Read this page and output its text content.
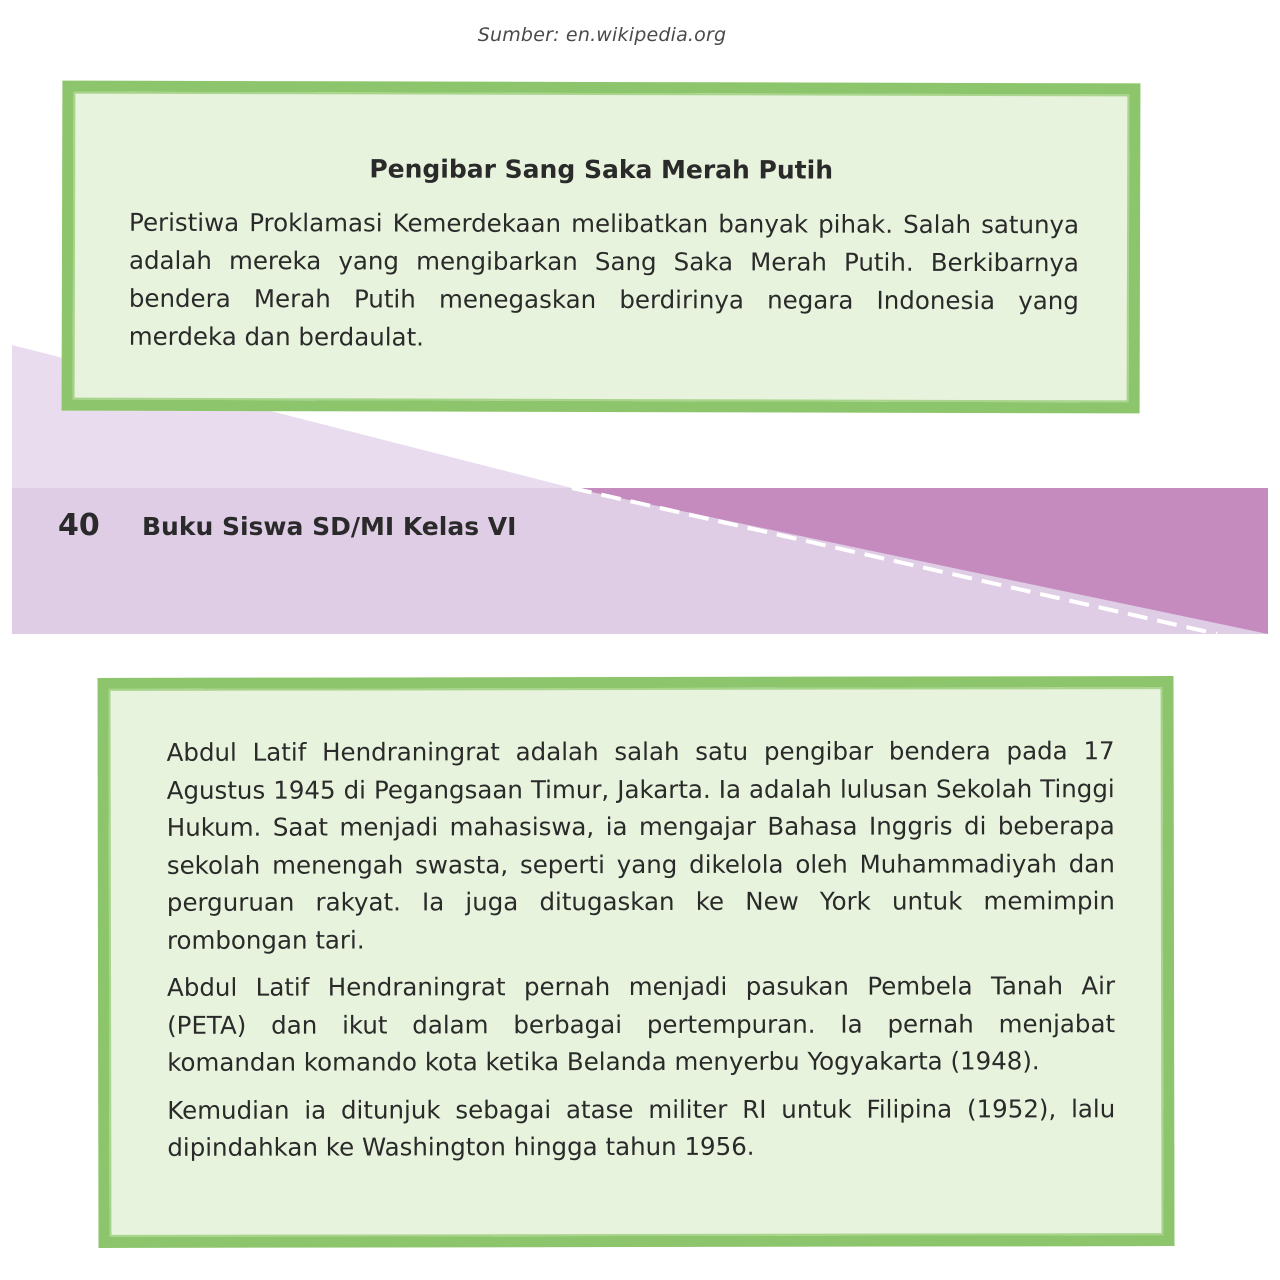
Sumber: en.wikipedia.org
40 Buku Siswa SD/MI Kelas VI
Pengibar Sang Saka Merah Putih
Peristiwa Proklamasi Kemerdekaan melibatkan banyak pihak. Salah satunya adalah mereka yang mengibarkan Sang Saka Merah Putih. Berkibarnya bendera Merah Putih menegaskan berdirinya negara Indonesia yang merdeka dan berdaulat.

Abdul Latif Hendraningrat adalah salah satu pengibar bendera pada 17 Agustus 1945 di Pegangsaan Timur, Jakarta. Ia adalah lulusan Sekolah Tinggi Hukum. Saat menjadi mahasiswa, ia mengajar Bahasa Inggris di beberapa sekolah menengah swasta, seperti yang dikelola oleh Muhammadiyah dan perguruan rakyat. Ia juga ditugaskan ke New York untuk memimpin rombongan tari.

Abdul Latif Hendraningrat pernah menjadi pasukan Pembela Tanah Air (PETA) dan ikut dalam berbagai pertempuran. Ia pernah menjabat komandan komando kota ketika Belanda menyerbu Yogyakarta (1948).

Kemudian ia ditunjuk sebagai atase militer RI untuk Filipina (1952), lalu dipindahkan ke Washington hingga tahun 1956.
